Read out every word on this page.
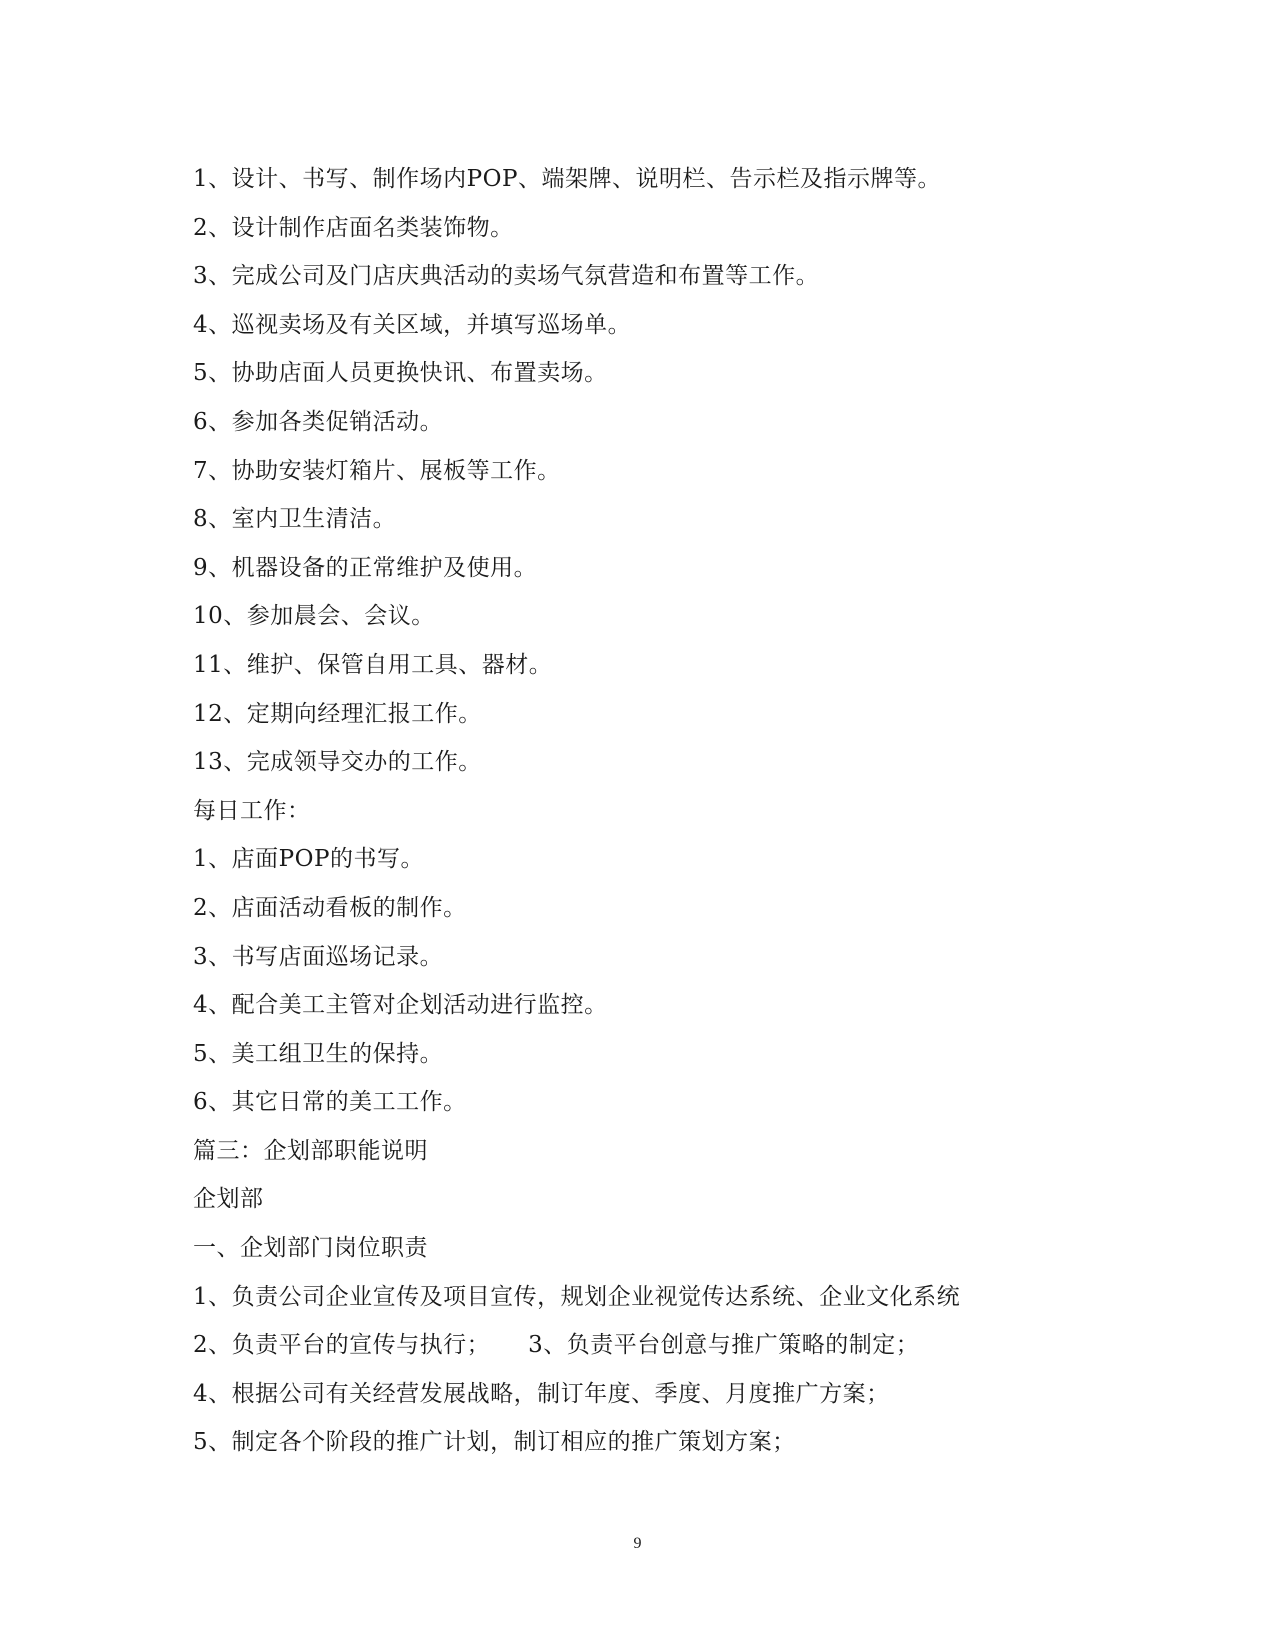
1、设计、书写、制作场内POP、端架牌、说明栏、告示栏及指示牌等。
2、设计制作店面名类装饰物。
3、完成公司及门店庆典活动的卖场气氛营造和布置等工作。
4、巡视卖场及有关区域，并填写巡场单。
5、协助店面人员更换快讯、布置卖场。
6、参加各类促销活动。
7、协助安装灯箱片、展板等工作。
8、室内卫生清洁。
9、机器设备的正常维护及使用。
10、参加晨会、会议。
11、维护、保管自用工具、器材。
12、定期向经理汇报工作。
13、完成领导交办的工作。
每日工作：
1、店面POP的书写。
2、店面活动看板的制作。
3、书写店面巡场记录。
4、配合美工主管对企划活动进行监控。
5、美工组卫生的保持。
6、其它日常的美工工作。
篇三：企划部职能说明
企划部
一、企划部门岗位职责
1、负责公司企业宣传及项目宣传，规划企业视觉传达系统、企业文化系统
2、负责平台的宣传与执行； 3、负责平台创意与推广策略的制定；
4、根据公司有关经营发展战略，制订年度、季度、月度推广方案；
5、制定各个阶段的推广计划，制订相应的推广策划方案；
9
